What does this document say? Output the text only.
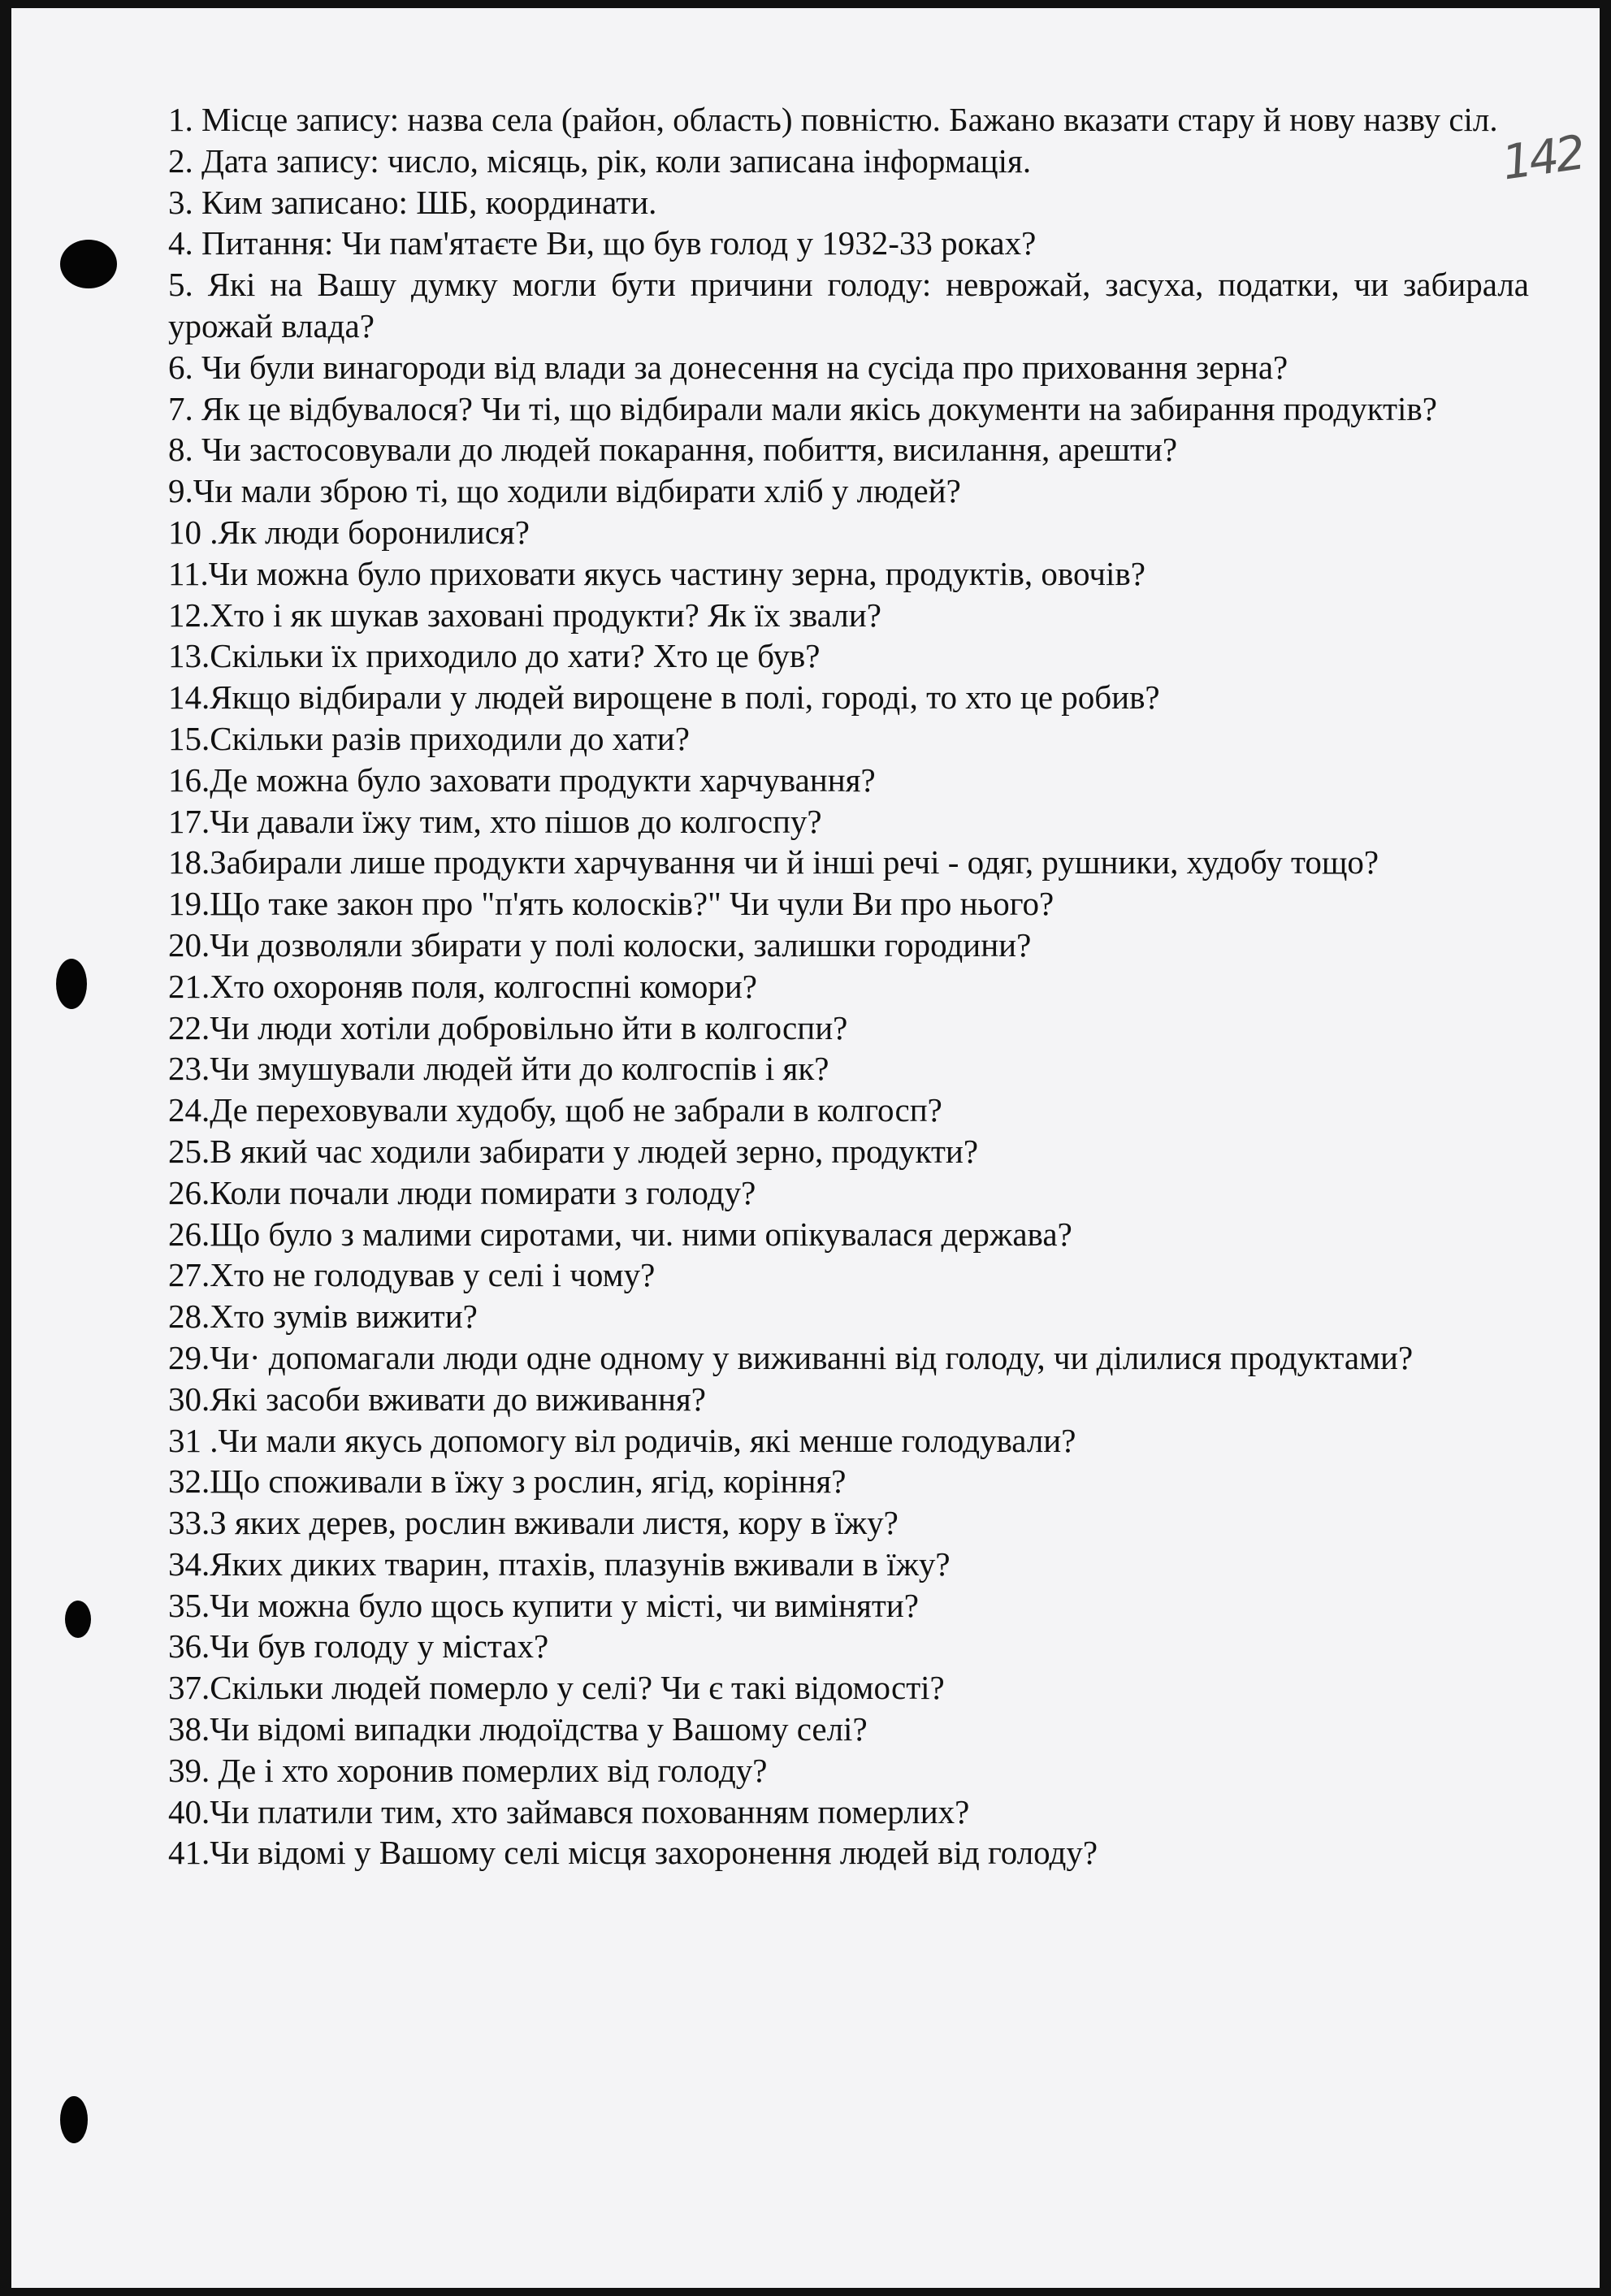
142

1. Місце запису: назва села (район, область) повністю. Бажано вказати стару й нову назву сіл.

2. Дата запису: число, місяць, рік, коли записана інформація.

3. Ким записано: ШБ, координати.

4. Питання: Чи пам'ятаєте Ви, що був голод у 1932-33 роках?

5. Які на Вашу думку могли бути причини голоду: неврожай, засуха, податки, чи забирала урожай влада?

6. Чи були винагороди від влади за донесення на сусіда про приховання зерна?

7. Як це відбувалося? Чи ті, що відбирали мали якісь документи на забирання продуктів?

8. Чи застосовували до людей покарання, побиття, висилання, арешти?

9.Чи мали зброю ті, що ходили відбирати хліб у людей?

10 .Як люди боронилися?

11.Чи можна було приховати якусь частину зерна, продуктів, овочів?

12.Хто і як шукав заховані продукти? Як їх звали?

13.Скільки їх приходило до хати? Хто це був?

14.Якщо відбирали у людей вирощене в полі, городі, то хто це робив?

15.Скільки разів приходили до хати?

16.Де можна було заховати продукти харчування?

17.Чи давали їжу тим, хто пішов до колгоспу?

18.Забирали лише продукти харчування чи й інші речі - одяг, рушники, худобу тощо?

19.Що таке закон про "п'ять колосків?" Чи чули Ви про нього?

20.Чи дозволяли збирати у полі колоски, залишки городини?

21.Хто охороняв поля, колгоспні комори?

22.Чи люди хотіли добровільно йти в колгоспи?

23.Чи змушували людей йти до колгоспів і як?

24.Де переховували худобу, щоб не забрали в колгосп?

25.В який час ходили забирати у людей зерно, продукти?

26.Коли почали люди помирати з голоду?

26.Що було з малими сиротами, чи. ними опікувалася держава?

27.Хто не голодував у селі і чому?

28.Хто зумів вижити?

29.Чи· допомагали люди одне одному у виживанні від голоду, чи ділилися продуктами?

30.Які засоби вживати до виживання?

31 .Чи мали якусь допомогу віл родичів, які менше голодували?

32.Що споживали в їжу з рослин, ягід, коріння?

33.З яких дерев, рослин вживали листя, кору в їжу?

34.Яких диких тварин, птахів, плазунів вживали в їжу?

35.Чи можна було щось купити у місті, чи виміняти?

36.Чи був голоду у містах?

37.Скільки людей померло у селі? Чи є такі відомості?

38.Чи відомі випадки людоїдства у Вашому селі?

39. Де і хто хоронив померлих від голоду?

40.Чи платили тим, хто займався похованням померлих?

41.Чи відомі у Вашому селі місця захоронення людей від голоду?
